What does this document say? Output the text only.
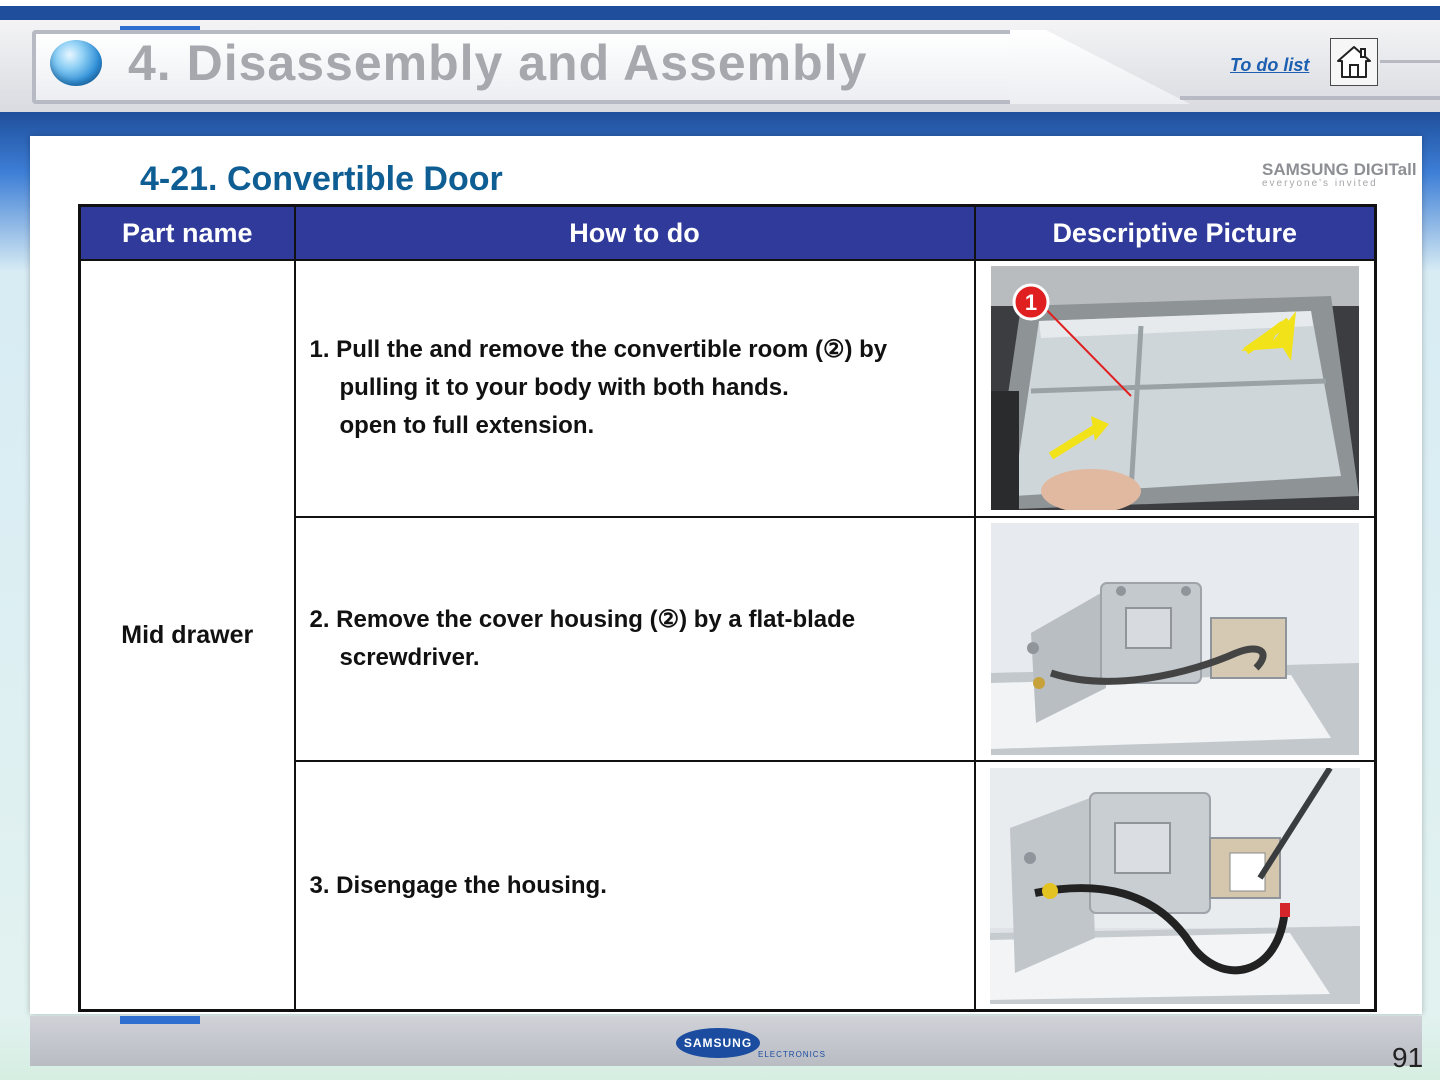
4. Disassembly and Assembly	To do list
4-21. Convertible Door	SAMSUNG DIGITall
everyone's invited
Part name	How to do	Descriptive Picture
Mid drawer	1. Pull the and remove the convertible room (②) by
pulling it to your body with both hands.
open to full extension.	1

	2. Remove the cover housing (②) by a flat-blade
screwdriver.

	3. Disengage the housing.

SAMSUNG
ELECTRONICS	91
